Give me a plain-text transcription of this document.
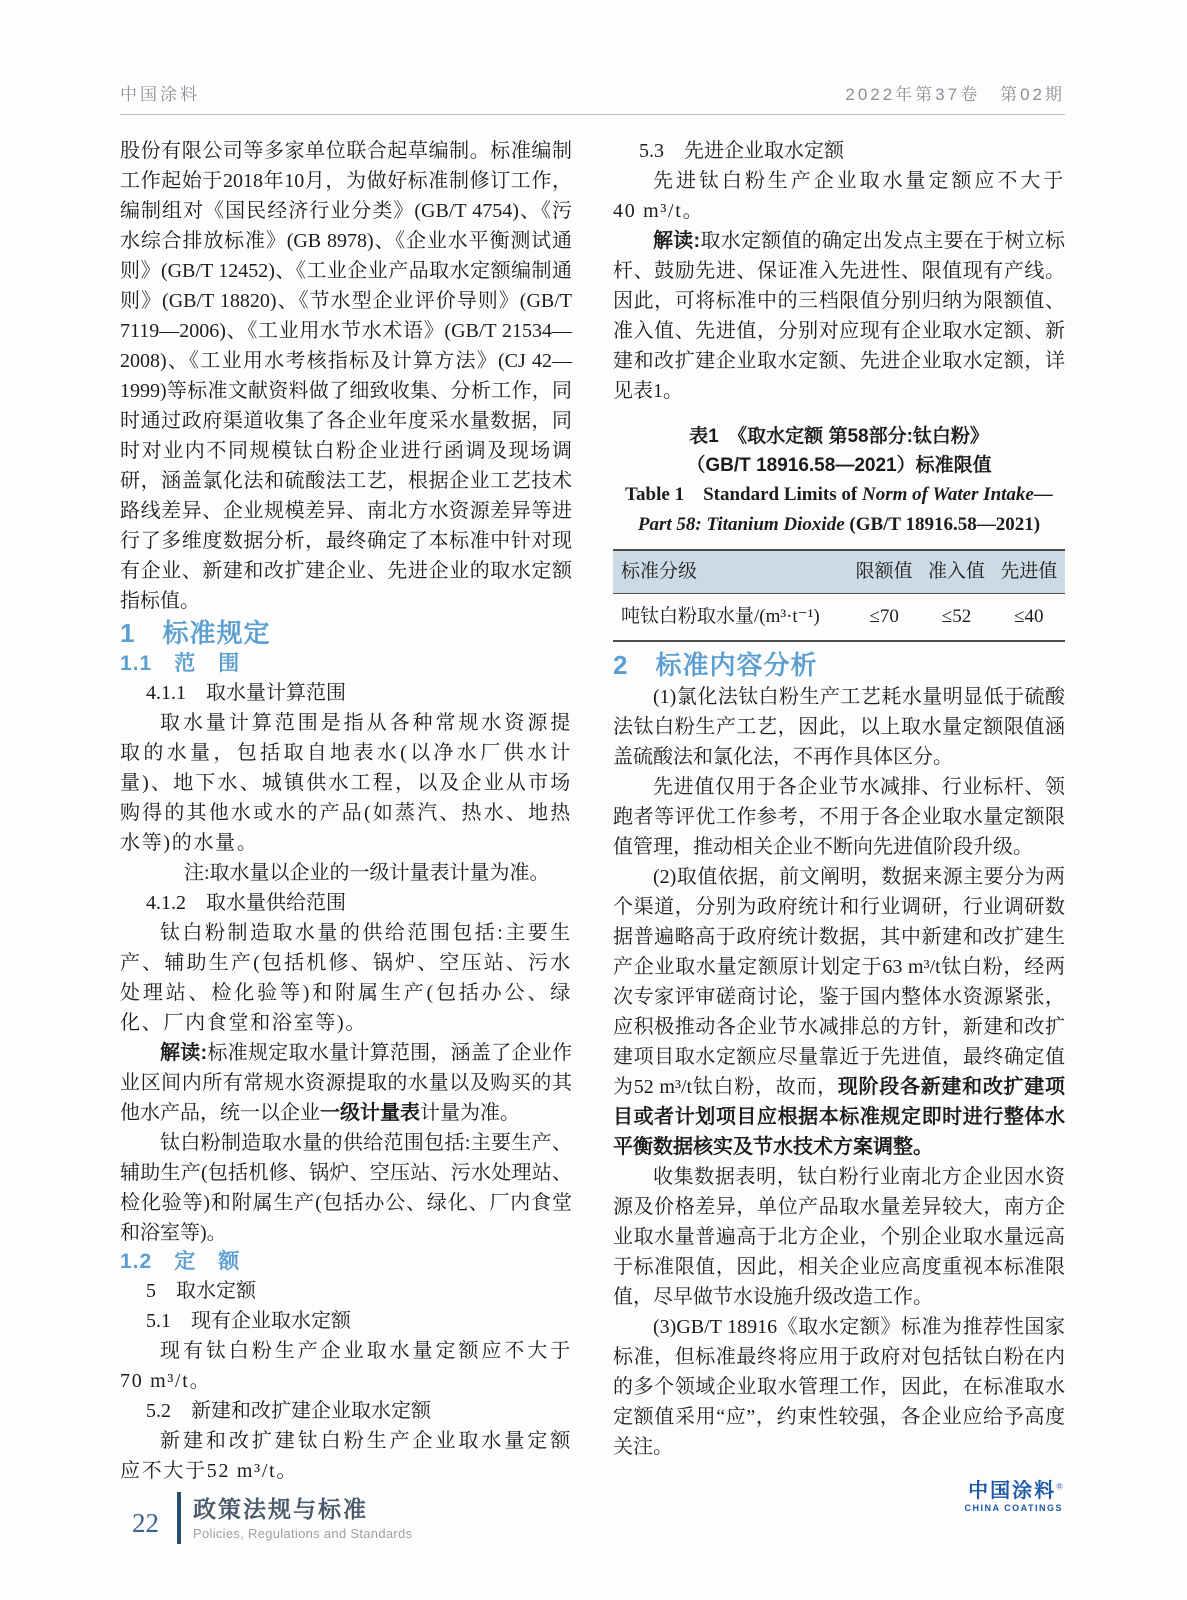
中国涂料	2022年第37卷　第02期

股份有限公司等多家单位联合起草编制。标准编制工作起始于2018年10月，为做好标准制修订工作，编制组对《国民经济行业分类》(GB/T 4754)、《污水综合排放标准》(GB 8978)、《企业水平衡测试通则》(GB/T 12452)、《工业企业产品取水定额编制通则》(GB/T 18820)、《节水型企业评价导则》(GB/T 7119—2006)、《工业用水节水术语》(GB/T 21534—2008)、《工业用水考核指标及计算方法》(CJ 42—1999)等标准文献资料做了细致收集、分析工作，同时通过政府渠道收集了各企业年度采水量数据，同时对业内不同规模钛白粉企业进行函调及现场调研，涵盖氯化法和硫酸法工艺，根据企业工艺技术路线差异、企业规模差异、南北方水资源差异等进行了多维度数据分析，最终确定了本标准中针对现有企业、新建和改扩建企业、先进企业的取水定额指标值。

1　标准规定

1.1　范　围

4.1.1　取水量计算范围

取水量计算范围是指从各种常规水资源提取的水量，包括取自地表水(以净水厂供水计量)、地下水、城镇供水工程，以及企业从市场购得的其他水或水的产品(如蒸汽、热水、地热水等)的水量。

注:取水量以企业的一级计量表计量为准。

4.1.2　取水量供给范围

钛白粉制造取水量的供给范围包括:主要生产、辅助生产(包括机修、锅炉、空压站、污水处理站、检化验等)和附属生产(包括办公、绿化、厂内食堂和浴室等)。

解读:标准规定取水量计算范围，涵盖了企业作业区间内所有常规水资源提取的水量以及购买的其他水产品，统一以企业一级计量表计量为准。

钛白粉制造取水量的供给范围包括:主要生产、辅助生产(包括机修、锅炉、空压站、污水处理站、检化验等)和附属生产(包括办公、绿化、厂内食堂和浴室等)。

1.2　定　额

5　取水定额

5.1　现有企业取水定额

现有钛白粉生产企业取水量定额应不大于70 m³/t。

5.2　新建和改扩建企业取水定额

新建和改扩建钛白粉生产企业取水量定额应不大于52 m³/t。

5.3　先进企业取水定额

先进钛白粉生产企业取水量定额应不大于40 m³/t。

解读:取水定额值的确定出发点主要在于树立标杆、鼓励先进、保证准入先进性、限值现有产线。因此，可将标准中的三档限值分别归纳为限额值、准入值、先进值，分别对应现有企业取水定额、新建和改扩建企业取水定额、先进企业取水定额，详见表1。

表1　《取水定额 第58部分:钛白粉》

（GB/T 18916.58—2021）标准限值

Table 1　Standard Limits of Norm of Water Intake—Part 58: Titanium Dioxide (GB/T 18916.58—2021)

标准分级	限额值	准入值	先进值
吨钛白粉取水量/(m³·t⁻¹)	≤70	≤52	≤40

2　标准内容分析

(1)氯化法钛白粉生产工艺耗水量明显低于硫酸法钛白粉生产工艺，因此，以上取水量定额限值涵盖硫酸法和氯化法，不再作具体区分。

先进值仅用于各企业节水减排、行业标杆、领跑者等评优工作参考，不用于各企业取水量定额限值管理，推动相关企业不断向先进值阶段升级。

(2)取值依据，前文阐明，数据来源主要分为两个渠道，分别为政府统计和行业调研，行业调研数据普遍略高于政府统计数据，其中新建和改扩建生产企业取水量定额原计划定于63 m³/t钛白粉，经两次专家评审磋商讨论，鉴于国内整体水资源紧张，应积极推动各企业节水减排总的方针，新建和改扩建项目取水定额应尽量靠近于先进值，最终确定值为52 m³/t钛白粉，故而，现阶段各新建和改扩建项目或者计划项目应根据本标准规定即时进行整体水平衡数据核实及节水技术方案调整。

收集数据表明，钛白粉行业南北方企业因水资源及价格差异，单位产品取水量差异较大，南方企业取水量普遍高于北方企业，个别企业取水量远高于标准限值，因此，相关企业应高度重视本标准限值，尽早做节水设施升级改造工作。

(3)GB/T 18916《取水定额》标准为推荐性国家标准，但标准最终将应用于政府对包括钛白粉在内的多个领域企业取水管理工作，因此，在标准取水定额值采用“应”，约束性较强，各企业应给予高度关注。

中国涂料®
CHINA COATINGS
22 政策法规与标准
Policies, Regulations and Standards
